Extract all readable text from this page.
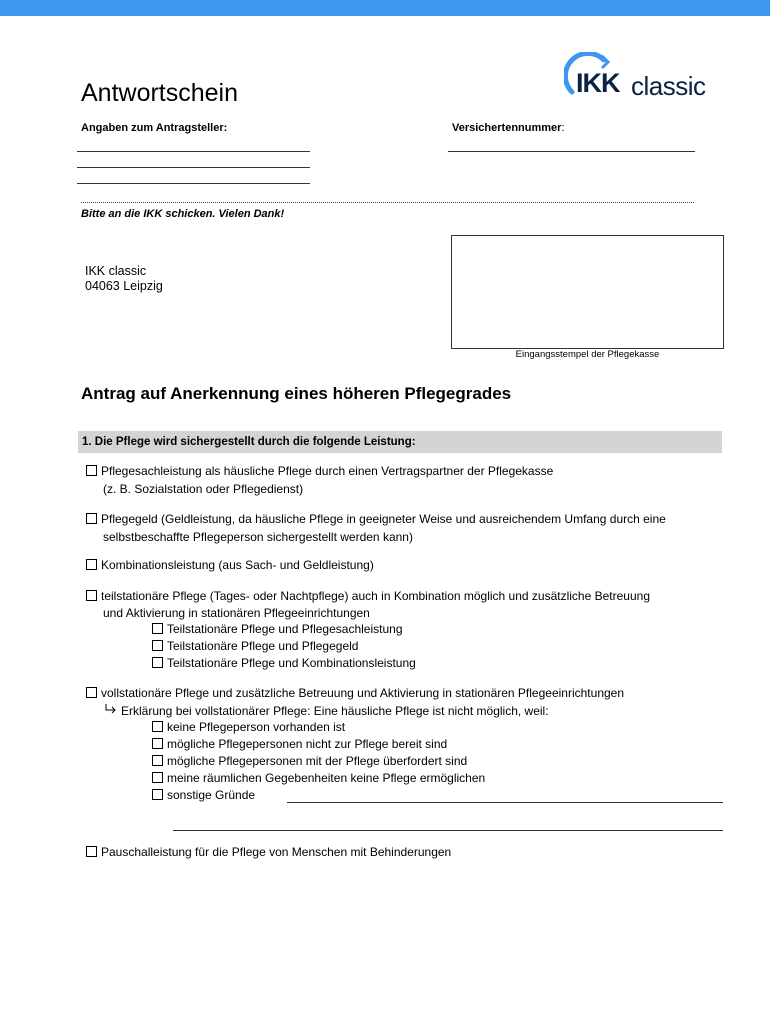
IKK classic
Antwortschein
Angaben zum Antragsteller:	Versichertennummer:
Bitte an die IKK schicken. Vielen Dank!
IKK classic
04063 Leipzig
Eingangsstempel der Pflegekasse
Antrag auf Anerkennung eines höheren Pflegegrades
1. Die Pflege wird sichergestellt durch die folgende Leistung:
Pflegesachleistung als häusliche Pflege durch einen Vertragspartner der Pflegekasse
(z. B. Sozialstation oder Pflegedienst)
Pflegegeld (Geldleistung, da häusliche Pflege in geeigneter Weise und ausreichendem Umfang durch eine
selbstbeschaffte Pflegeperson sichergestellt werden kann)
Kombinationsleistung (aus Sach- und Geldleistung)
teilstationäre Pflege (Tages- oder Nachtpflege) auch in Kombination möglich und zusätzliche Betreuung
und Aktivierung in stationären Pflegeeinrichtungen
Teilstationäre Pflege und Pflegesachleistung
Teilstationäre Pflege und Pflegegeld
Teilstationäre Pflege und Kombinationsleistung
vollstationäre Pflege und zusätzliche Betreuung und Aktivierung in stationären Pflegeeinrichtungen
Erklärung bei vollstationärer Pflege: Eine häusliche Pflege ist nicht möglich, weil:
keine Pflegeperson vorhanden ist
mögliche Pflegepersonen nicht zur Pflege bereit sind
mögliche Pflegepersonen mit der Pflege überfordert sind
meine räumlichen Gegebenheiten keine Pflege ermöglichen
sonstige Gründe
Pauschalleistung für die Pflege von Menschen mit Behinderungen
